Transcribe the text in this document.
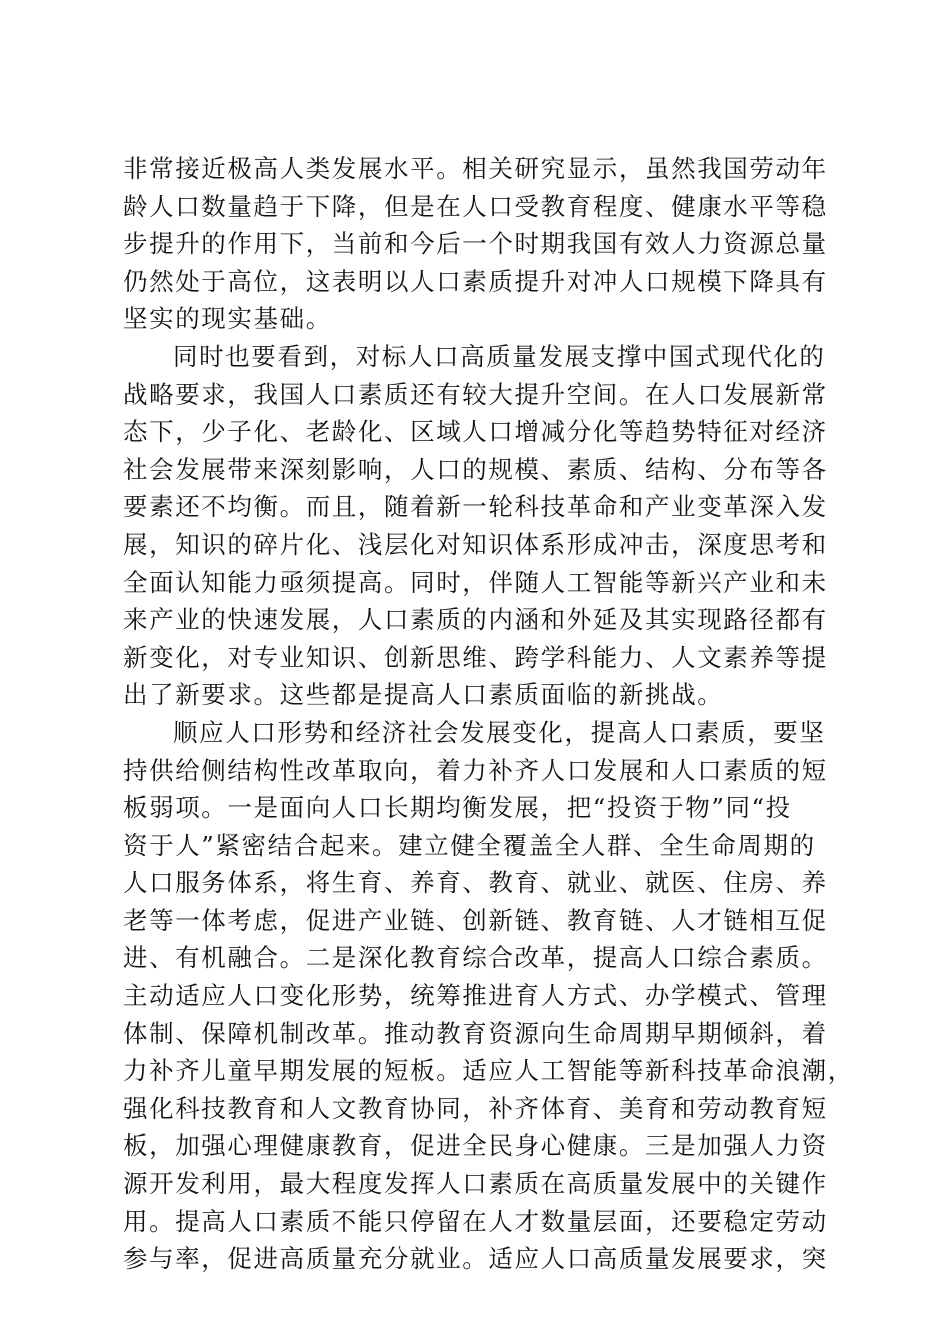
非常接近极高人类发展水平。相关研究显示，虽然我国劳动年
龄人口数量趋于下降，但是在人口受教育程度、健康水平等稳
步提升的作用下，当前和今后一个时期我国有效人力资源总量
仍然处于高位，这表明以人口素质提升对冲人口规模下降具有
坚实的现实基础。
同时也要看到，对标人口高质量发展支撑中国式现代化的
战略要求，我国人口素质还有较大提升空间。在人口发展新常
态下，少子化、老龄化、区域人口增减分化等趋势特征对经济
社会发展带来深刻影响，人口的规模、素质、结构、分布等各
要素还不均衡。而且，随着新一轮科技革命和产业变革深入发
展，知识的碎片化、浅层化对知识体系形成冲击，深度思考和
全面认知能力亟须提高。同时，伴随人工智能等新兴产业和未
来产业的快速发展，人口素质的内涵和外延及其实现路径都有
新变化，对专业知识、创新思维、跨学科能力、人文素养等提
出了新要求。这些都是提高人口素质面临的新挑战。
顺应人口形势和经济社会发展变化，提高人口素质，要坚
持供给侧结构性改革取向，着力补齐人口发展和人口素质的短
板弱项。一是面向人口长期均衡发展，把“投资于物”同“投
资于人”紧密结合起来。建立健全覆盖全人群、全生命周期的
人口服务体系，将生育、养育、教育、就业、就医、住房、养
老等一体考虑，促进产业链、创新链、教育链、人才链相互促
进、有机融合。二是深化教育综合改革，提高人口综合素质。
主动适应人口变化形势，统筹推进育人方式、办学模式、管理
体制、保障机制改革。推动教育资源向生命周期早期倾斜，着
力补齐儿童早期发展的短板。适应人工智能等新科技革命浪潮，
强化科技教育和人文教育协同，补齐体育、美育和劳动教育短
板，加强心理健康教育，促进全民身心健康。三是加强人力资
源开发利用，最大程度发挥人口素质在高质量发展中的关键作
用。提高人口素质不能只停留在人才数量层面，还要稳定劳动
参与率，促进高质量充分就业。适应人口高质量发展要求，突
